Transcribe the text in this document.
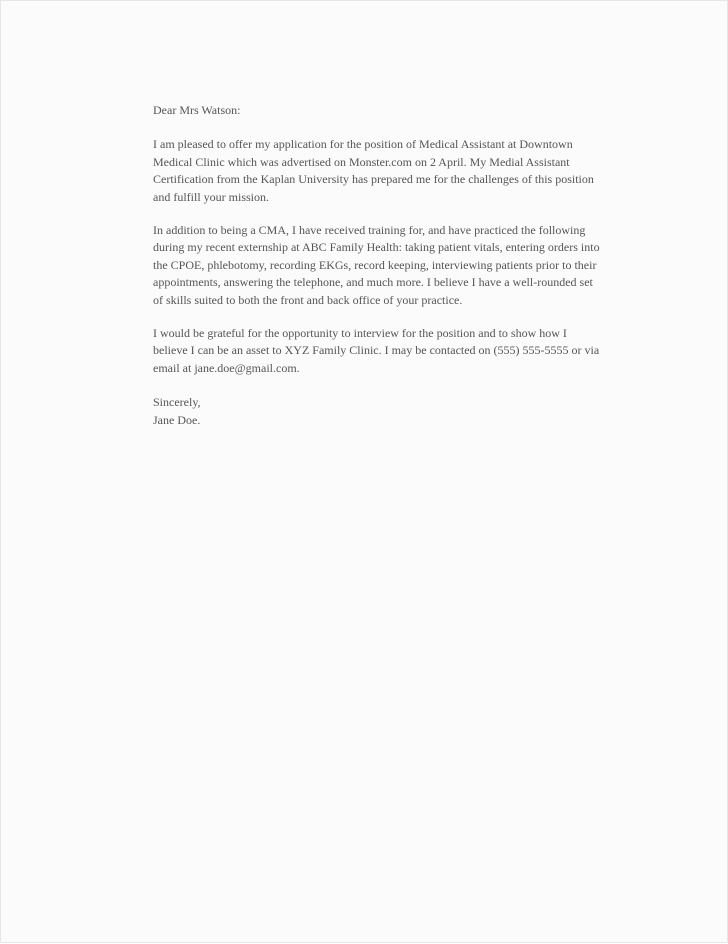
Dear Mrs Watson:

I am pleased to offer my application for the position of Medical Assistant at Downtown Medical Clinic which was advertised on Monster.com on 2 April. My Medial Assistant Certification from the Kaplan University has prepared me for the challenges of this position and fulfill your mission.

In addition to being a CMA, I have received training for, and have practiced the following during my recent externship at ABC Family Health: taking patient vitals, entering orders into the CPOE, phlebotomy, recording EKGs, record keeping, interviewing patients prior to their appointments, answering the telephone, and much more. I believe I have a well-rounded set of skills suited to both the front and back office of your practice.

I would be grateful for the opportunity to interview for the position and to show how I believe I can be an asset to XYZ Family Clinic. I may be contacted on (555) 555-5555 or via email at jane.doe@gmail.com.

Sincerely,
Jane Doe.
